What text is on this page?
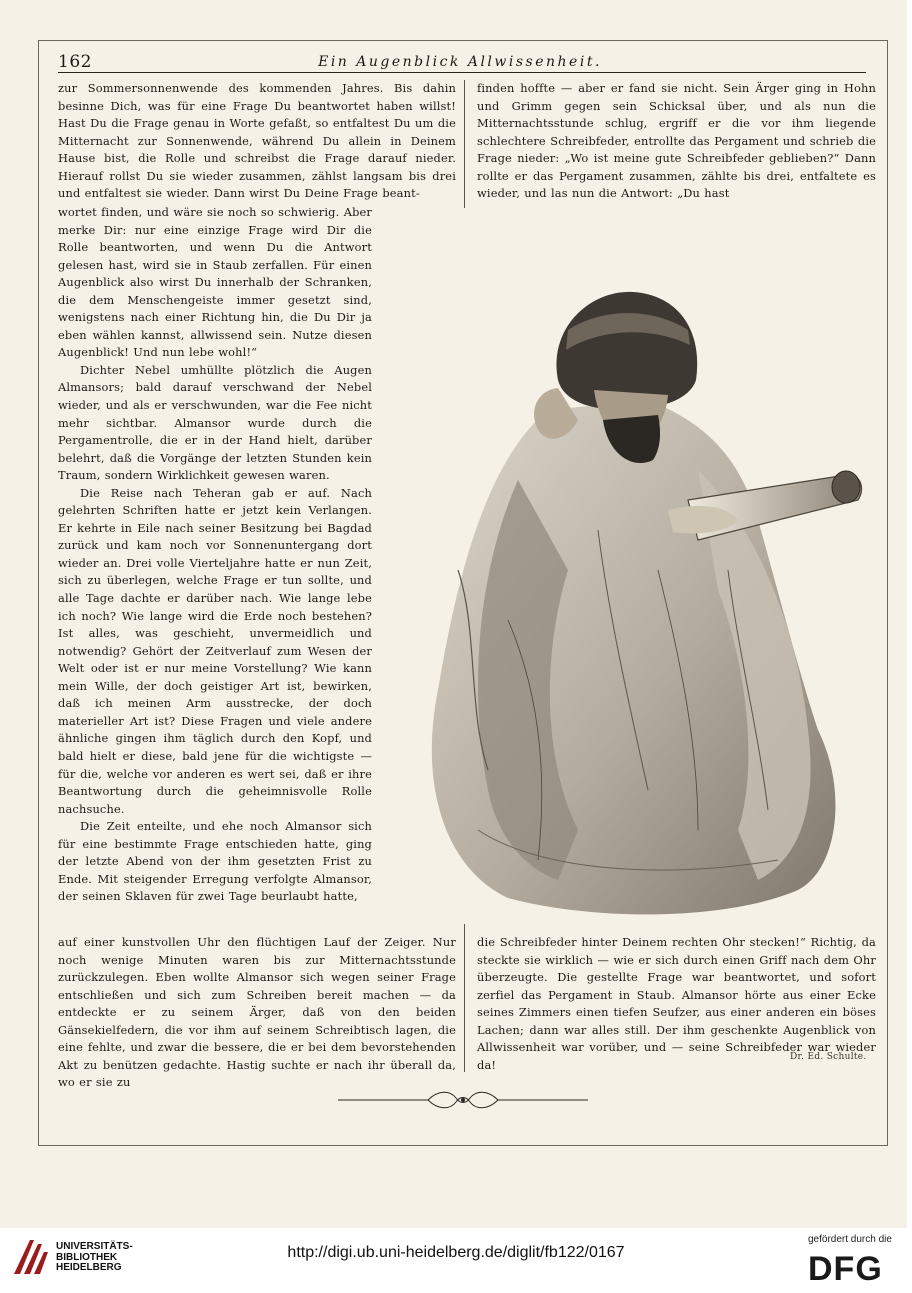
162	Ein Augenblick Allwissenheit.
zur Sommersonnenwende des kommenden Jahres. Bis dahin besinne Dich, was für eine Frage Du beantwortet haben willst! Hast Du die Frage genau in Worte gefaßt, so entfaltest Du um die Mitternacht zur Sonnenwende, während Du allein in Deinem Hause bist, die Rolle und schreibst die Frage darauf nieder. Hierauf rollst Du sie wieder zusammen, zählst langsam bis drei und entfaltest sie wieder. Dann wirst Du Deine Frage beant-
finden hoffte — aber er fand sie nicht. Sein Ärger ging in Hohn und Grimm gegen sein Schicksal über, und als nun die Mitternachtsstunde schlug, ergriff er die vor ihm liegende schlechtere Schreibfeder, entrollte das Pergament und schrieb die Frage nieder: „Wo ist meine gute Schreibfeder geblieben?“ Dann rollte er das Pergament zusammen, zählte bis drei, entfaltete es wieder, und las nun die Antwort: „Du hast

wortet finden, und wäre sie noch so schwierig. Aber merke Dir: nur eine einzige Frage wird Dir die Rolle beantworten, und wenn Du die Antwort gelesen hast, wird sie in Staub zerfallen. Für einen Augenblick also wirst Du innerhalb der Schranken, die dem Menschengeiste immer gesetzt sind, wenigstens nach einer Richtung hin, die Du Dir ja eben wählen kannst, allwissend sein. Nutze diesen Augenblick! Und nun lebe wohl!“

Dichter Nebel umhüllte plötzlich die Augen Almansors; bald darauf verschwand der Nebel wieder, und als er verschwunden, war die Fee nicht mehr sichtbar. Almansor wurde durch die Pergamentrolle, die er in der Hand hielt, darüber belehrt, daß die Vorgänge der letzten Stunden kein Traum, sondern Wirklichkeit gewesen waren.

Die Reise nach Teheran gab er auf. Nach gelehrten Schriften hatte er jetzt kein Verlangen. Er kehrte in Eile nach seiner Besitzung bei Bagdad zurück und kam noch vor Sonnenuntergang dort wieder an. Drei volle Vierteljahre hatte er nun Zeit, sich zu überlegen, welche Frage er tun sollte, und alle Tage dachte er darüber nach. Wie lange lebe ich noch? Wie lange wird die Erde noch bestehen? Ist alles, was geschieht, unvermeidlich und notwendig? Gehört der Zeitverlauf zum Wesen der Welt oder ist er nur meine Vorstellung? Wie kann mein Wille, der doch geistiger Art ist, bewirken, daß ich meinen Arm ausstrecke, der doch materieller Art ist? Diese Fragen und viele andere ähnliche gingen ihm täglich durch den Kopf, und bald hielt er diese, bald jene für die wichtigste — für die, welche vor anderen es wert sei, daß er ihre Beantwortung durch die geheimnisvolle Rolle nachsuche.

Die Zeit enteilte, und ehe noch Almansor sich für eine bestimmte Frage entschieden hatte, ging der letzte Abend von der ihm gesetzten Frist zu Ende. Mit steigender Erregung verfolgte Almansor, der seinen Sklaven für zwei Tage beurlaubt hatte,

auf einer kunstvollen Uhr den flüchtigen Lauf der Zeiger. Nur noch wenige Minuten waren bis zur Mitternachtsstunde zurückzulegen. Eben wollte Almansor sich wegen seiner Frage entschließen und sich zum Schreiben bereit machen — da entdeckte er zu seinem Ärger, daß von den beiden Gänsekielfedern, die vor ihm auf seinem Schreibtisch lagen, die eine fehlte, und zwar die bessere, die er bei dem bevorstehenden Akt zu benützen gedachte. Hastig suchte er nach ihr überall da, wo er sie zu
die Schreibfeder hinter Deinem rechten Ohr stecken!“ Richtig, da steckte sie wirklich — wie er sich durch einen Griff nach dem Ohr überzeugte. Die gestellte Frage war beantwortet, und sofort zerfiel das Pergament in Staub. Almansor hörte aus einer Ecke seines Zimmers einen tiefen Seufzer, aus einer anderen ein böses Lachen; dann war alles still. Der ihm geschenkte Augenblick von Allwissenheit war vorüber, und — seine Schreibfeder war wieder da!
Dr. Ed. Schulte.
UNIVERSITÄTS-
BIBLIOTHEK
HEIDELBERG
http://digi.ub.uni-heidelberg.de/diglit/fb122/0167
gefördert durch die
DFG
